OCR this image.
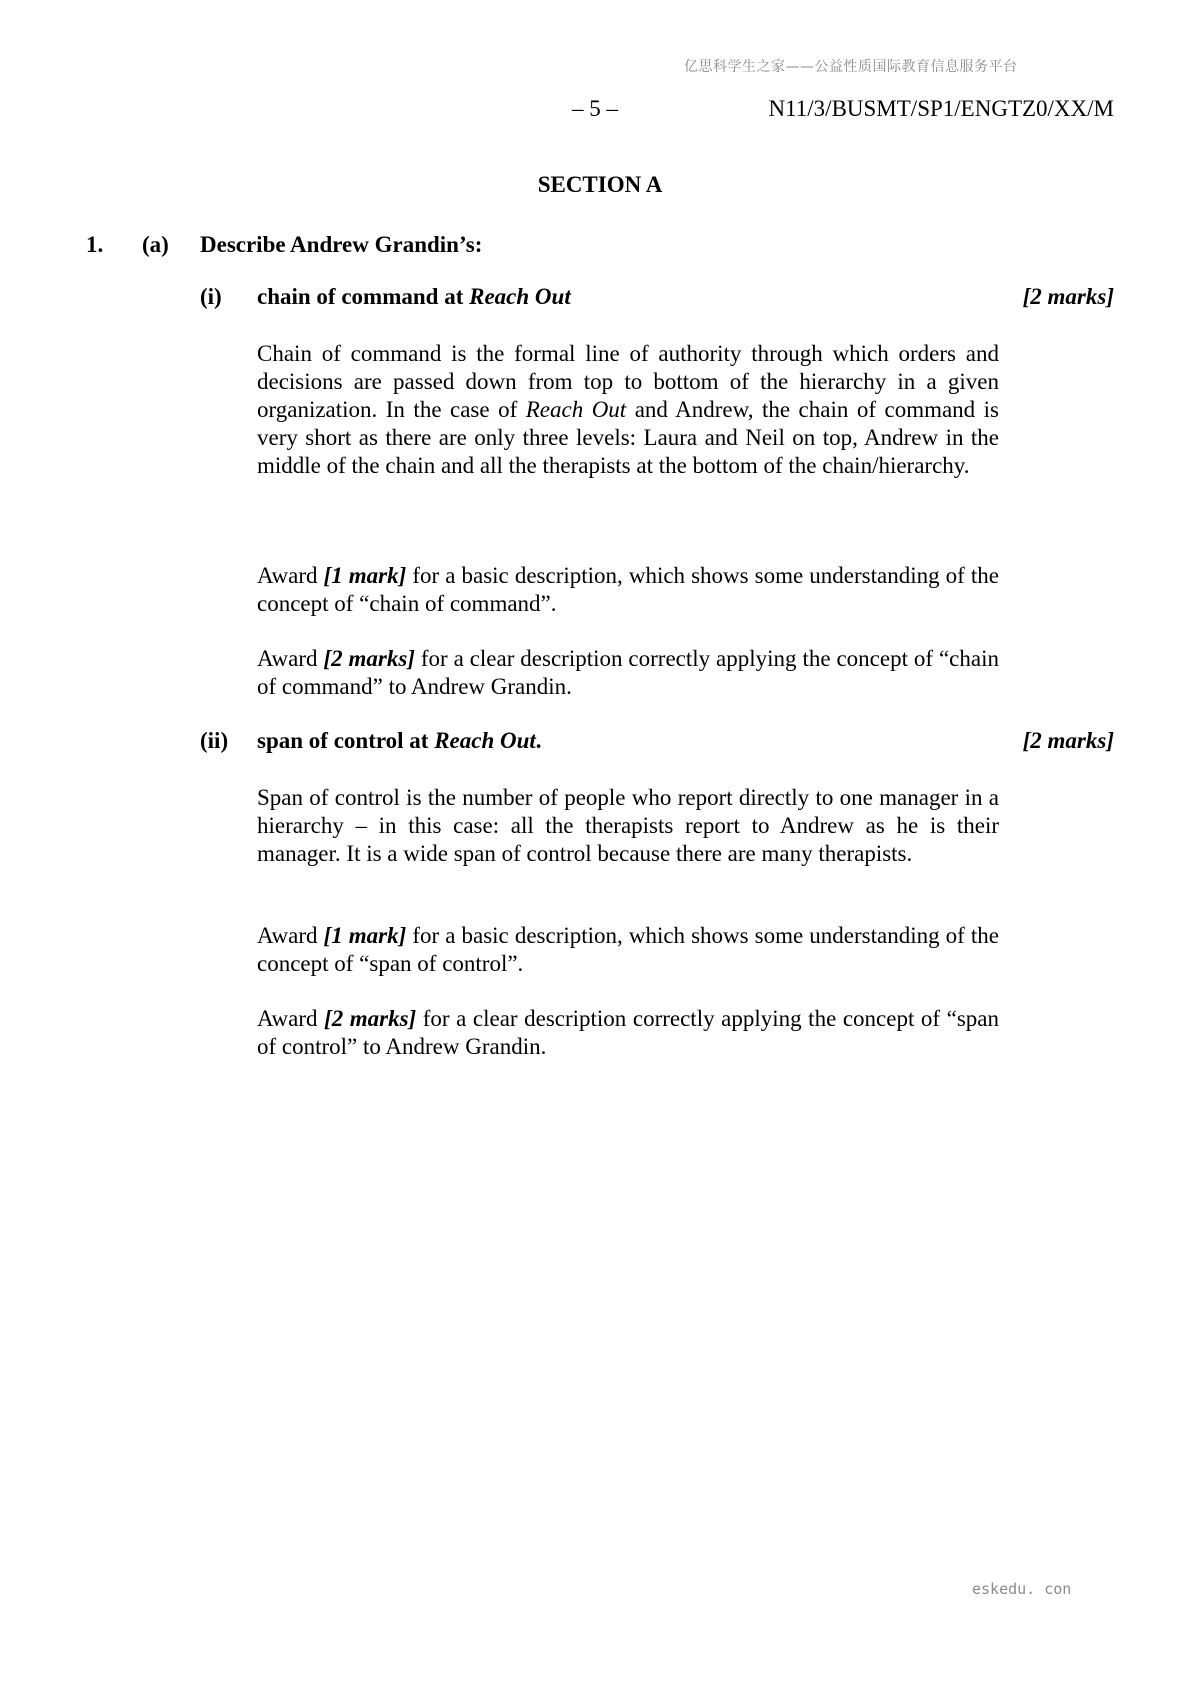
亿思科学生之家——公益性质国际教育信息服务平台
– 5 –	N11/3/BUSMT/SP1/ENGTZ0/XX/M
SECTION A
1. (a) Describe Andrew Grandin’s:
(i) chain of command at Reach Out	[2 marks]

Chain of command is the formal line of authority through which orders and decisions are passed down from top to bottom of the hierarchy in a given organization. In the case of Reach Out and Andrew, the chain of command is very short as there are only three levels: Laura and Neil on top, Andrew in the middle of the chain and all the therapists at the bottom of the chain/hierarchy.

Award [1 mark] for a basic description, which shows some understanding of the concept of “chain of command”.

Award [2 marks] for a clear description correctly applying the concept of “chain of command” to Andrew Grandin.

(ii) span of control at Reach Out.	[2 marks]

Span of control is the number of people who report directly to one manager in a hierarchy – in this case: all the therapists report to Andrew as he is their manager. It is a wide span of control because there are many therapists.

Award [1 mark] for a basic description, which shows some understanding of the concept of “span of control”.

Award [2 marks] for a clear description correctly applying the concept of “span of control” to Andrew Grandin.

eskedu. con
